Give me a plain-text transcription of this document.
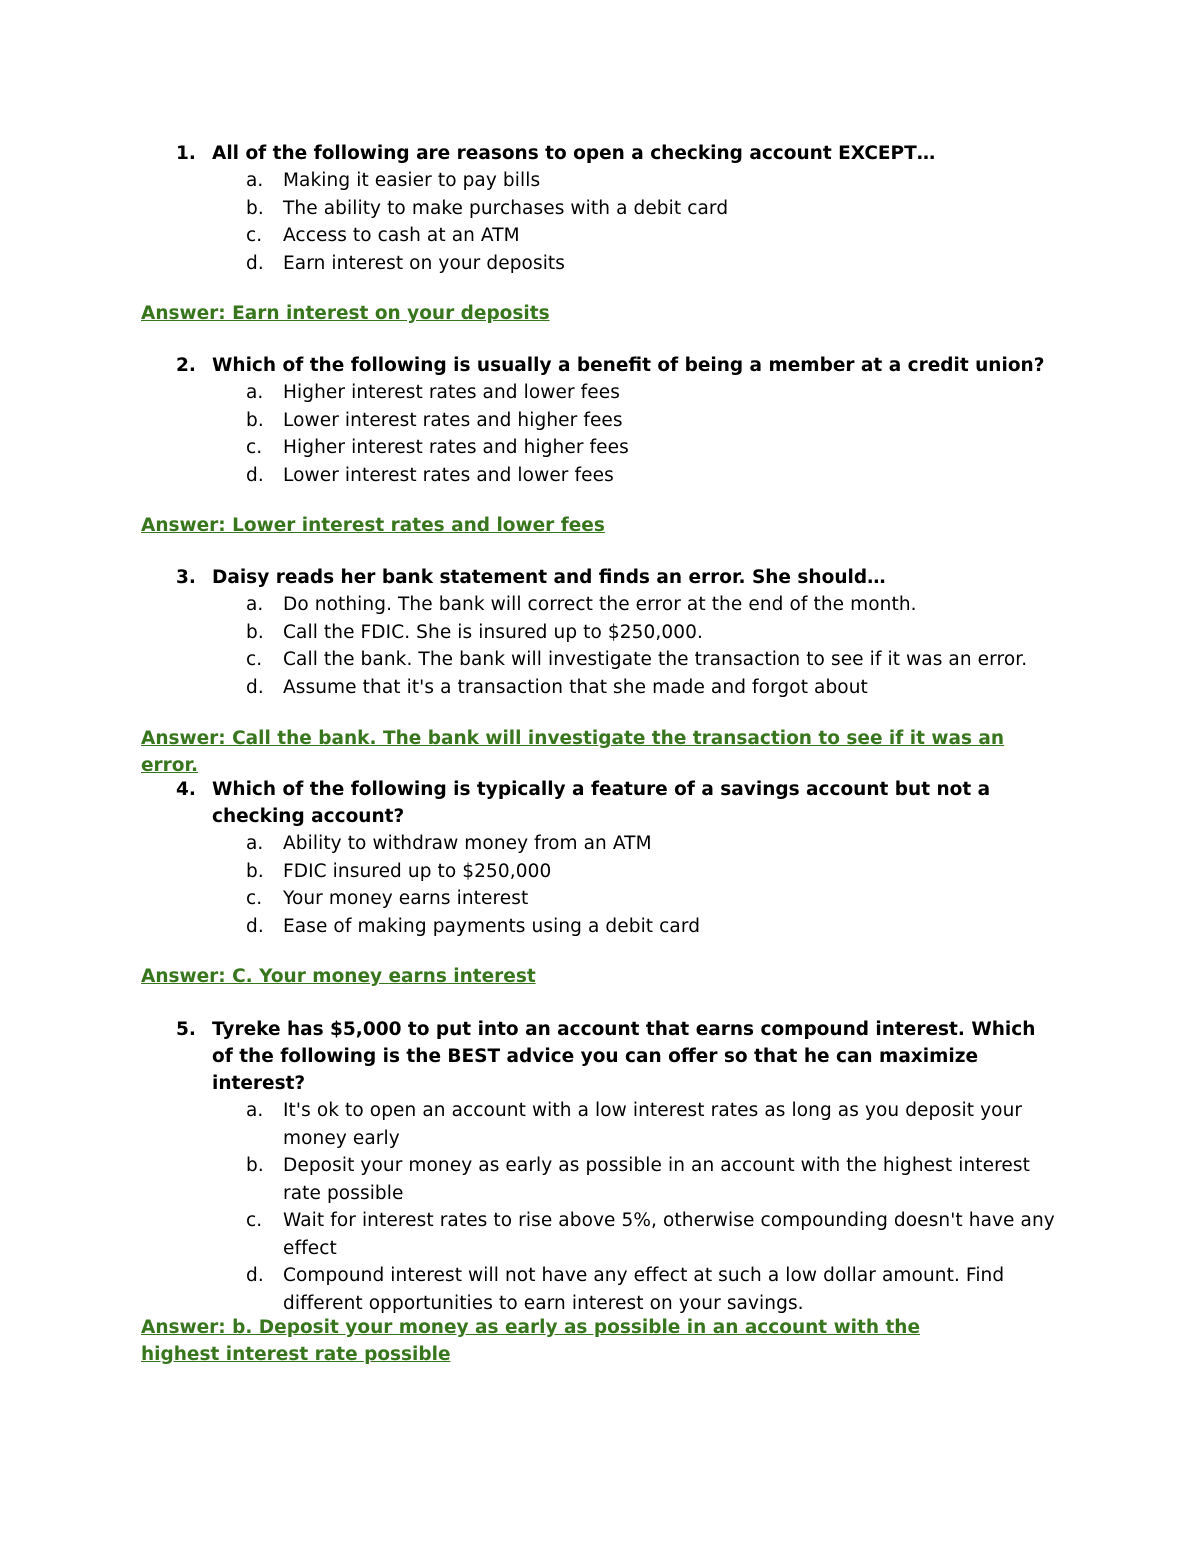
1. All of the following are reasons to open a checking account EXCEPT…
a.	Making it easier to pay bills
b.	The ability to make purchases with a debit card
c.	Access to cash at an ATM
d.	Earn interest on your deposits
Answer: Earn interest on your deposits
2. Which of the following is usually a benefit of being a member at a credit union?
a.	Higher interest rates and lower fees
b.	Lower interest rates and higher fees
c.	Higher interest rates and higher fees
d.	Lower interest rates and lower fees
Answer: Lower interest rates and lower fees
3. Daisy reads her bank statement and finds an error. She should…
a.	Do nothing. The bank will correct the error at the end of the month.
b.	Call the FDIC. She is insured up to $250,000.
c.	Call the bank. The bank will investigate the transaction to see if it was an error.
d.	Assume that it's a transaction that she made and forgot about
Answer: Call the bank. The bank will investigate the transaction to see if it was an error.
4. Which of the following is typically a feature of a savings account but not a checking account?
a.	Ability to withdraw money from an ATM
b.	FDIC insured up to $250,000
c.	Your money earns interest
d.	Ease of making payments using a debit card
Answer: C. Your money earns interest
5. Tyreke has $5,000 to put into an account that earns compound interest. Which of the following is the BEST advice you can offer so that he can maximize interest?
a.	It's ok to open an account with a low interest rates as long as you deposit your money early
b.	Deposit your money as early as possible in an account with the highest interest rate possible
c.	Wait for interest rates to rise above 5%, otherwise compounding doesn't have any effect
d.	Compound interest will not have any effect at such a low dollar amount. Find different opportunities to earn interest on your savings.
Answer: b. Deposit your money as early as possible in an account with the highest interest rate possible
